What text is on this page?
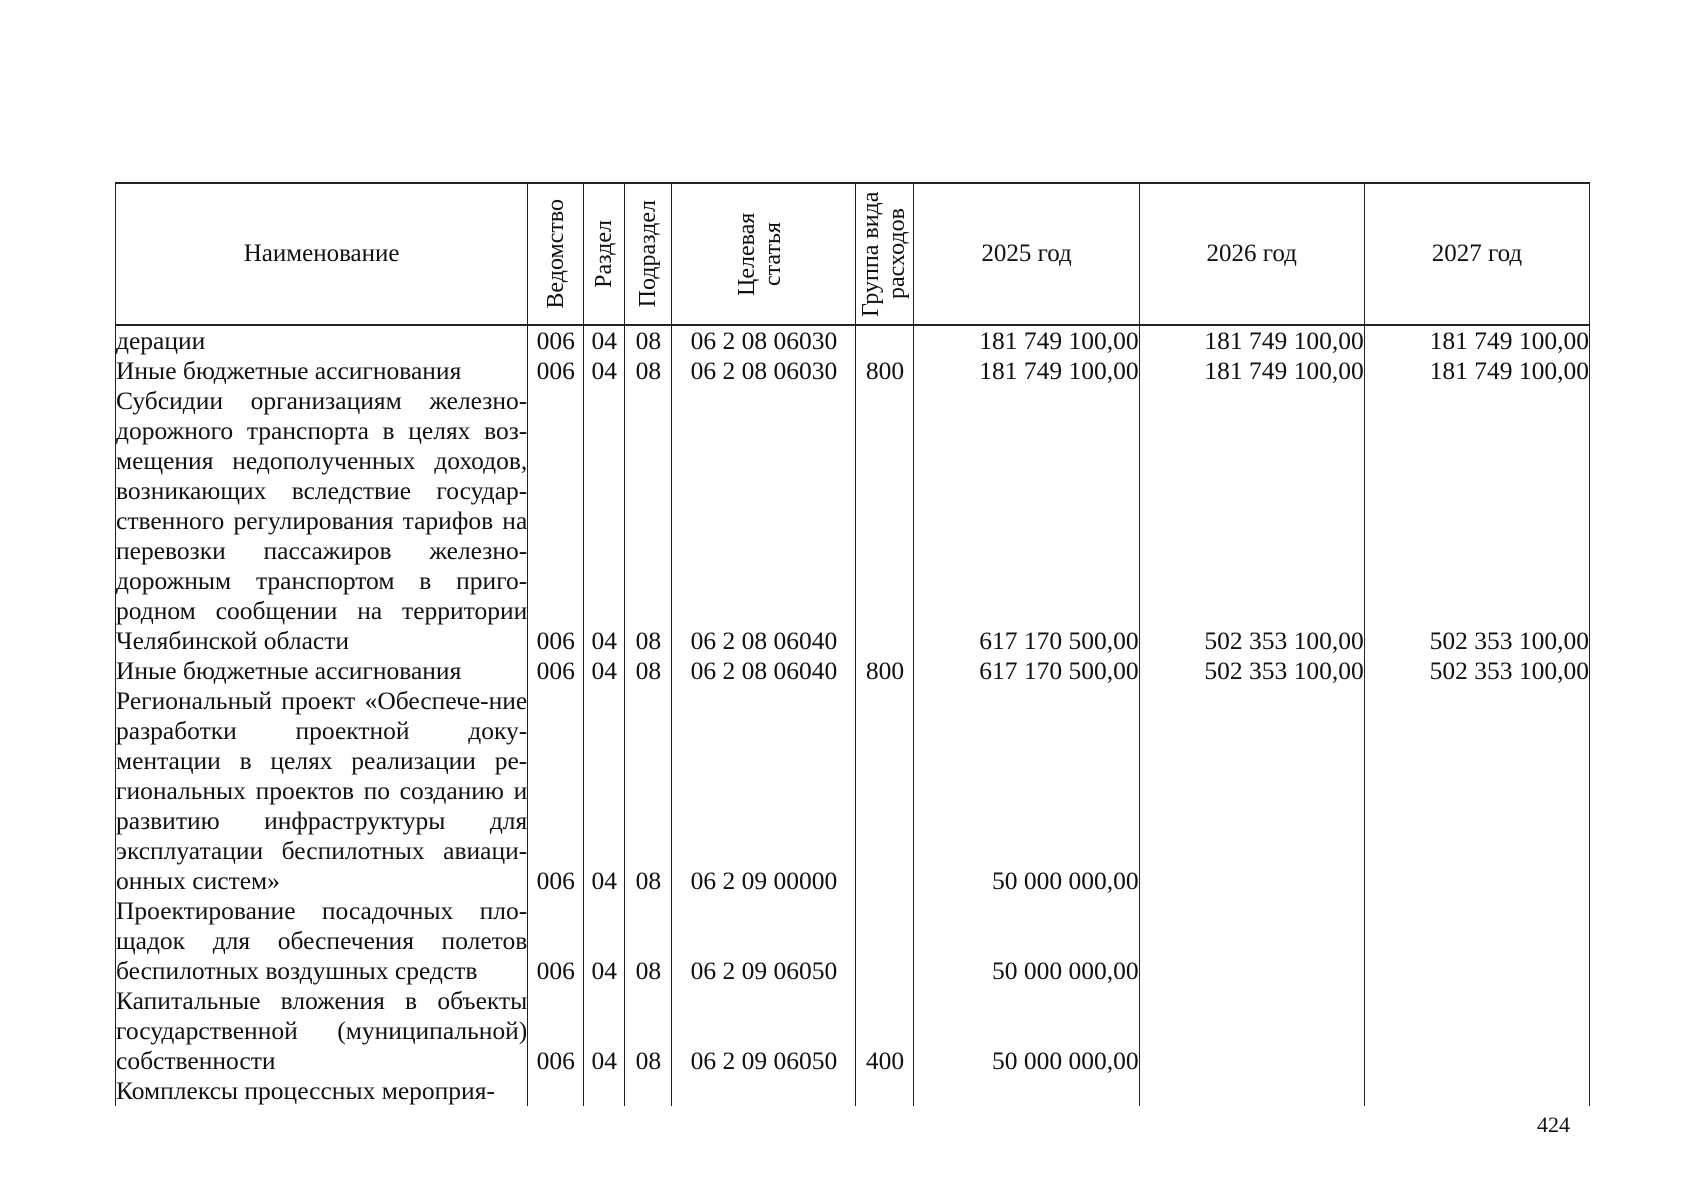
Наименование	Ведомство	Раздел	Подраздел	Целевая статья	Группа вида расходов	2025 год	2026 год	2027 год
дерации	006	04	08	06 2 08 06030		181 749 100,00	181 749 100,00	181 749 100,00
Иные бюджетные ассигнования	006	04	08	06 2 08 06030	800	181 749 100,00	181 749 100,00	181 749 100,00
Субсидии организациям железно-дорожного транспорта в целях воз-мещения недополученных доходов, возникающих вследствие государ-ственного регулирования тарифов на перевозки пассажиров железно-дорожным транспортом в приго-родном сообщении на территории Челябинской области	006	04	08	06 2 08 06040		617 170 500,00	502 353 100,00	502 353 100,00
Иные бюджетные ассигнования	006	04	08	06 2 08 06040	800	617 170 500,00	502 353 100,00	502 353 100,00
Региональный проект «Обеспече-ние разработки проектной доку-ментации в целях реализации ре-гиональных проектов по созданию и развитию инфраструктуры для эксплуатации беспилотных авиаци-онных систем»	006	04	08	06 2 09 00000		50 000 000,00		
Проектирование посадочных пло-щадок для обеспечения полетов беспилотных воздушных средств	006	04	08	06 2 09 06050		50 000 000,00		
Капитальные вложения в объекты государственной (муниципальной) собственности	006	04	08	06 2 09 06050	400	50 000 000,00		
Комплексы процессных мероприя-								
424
